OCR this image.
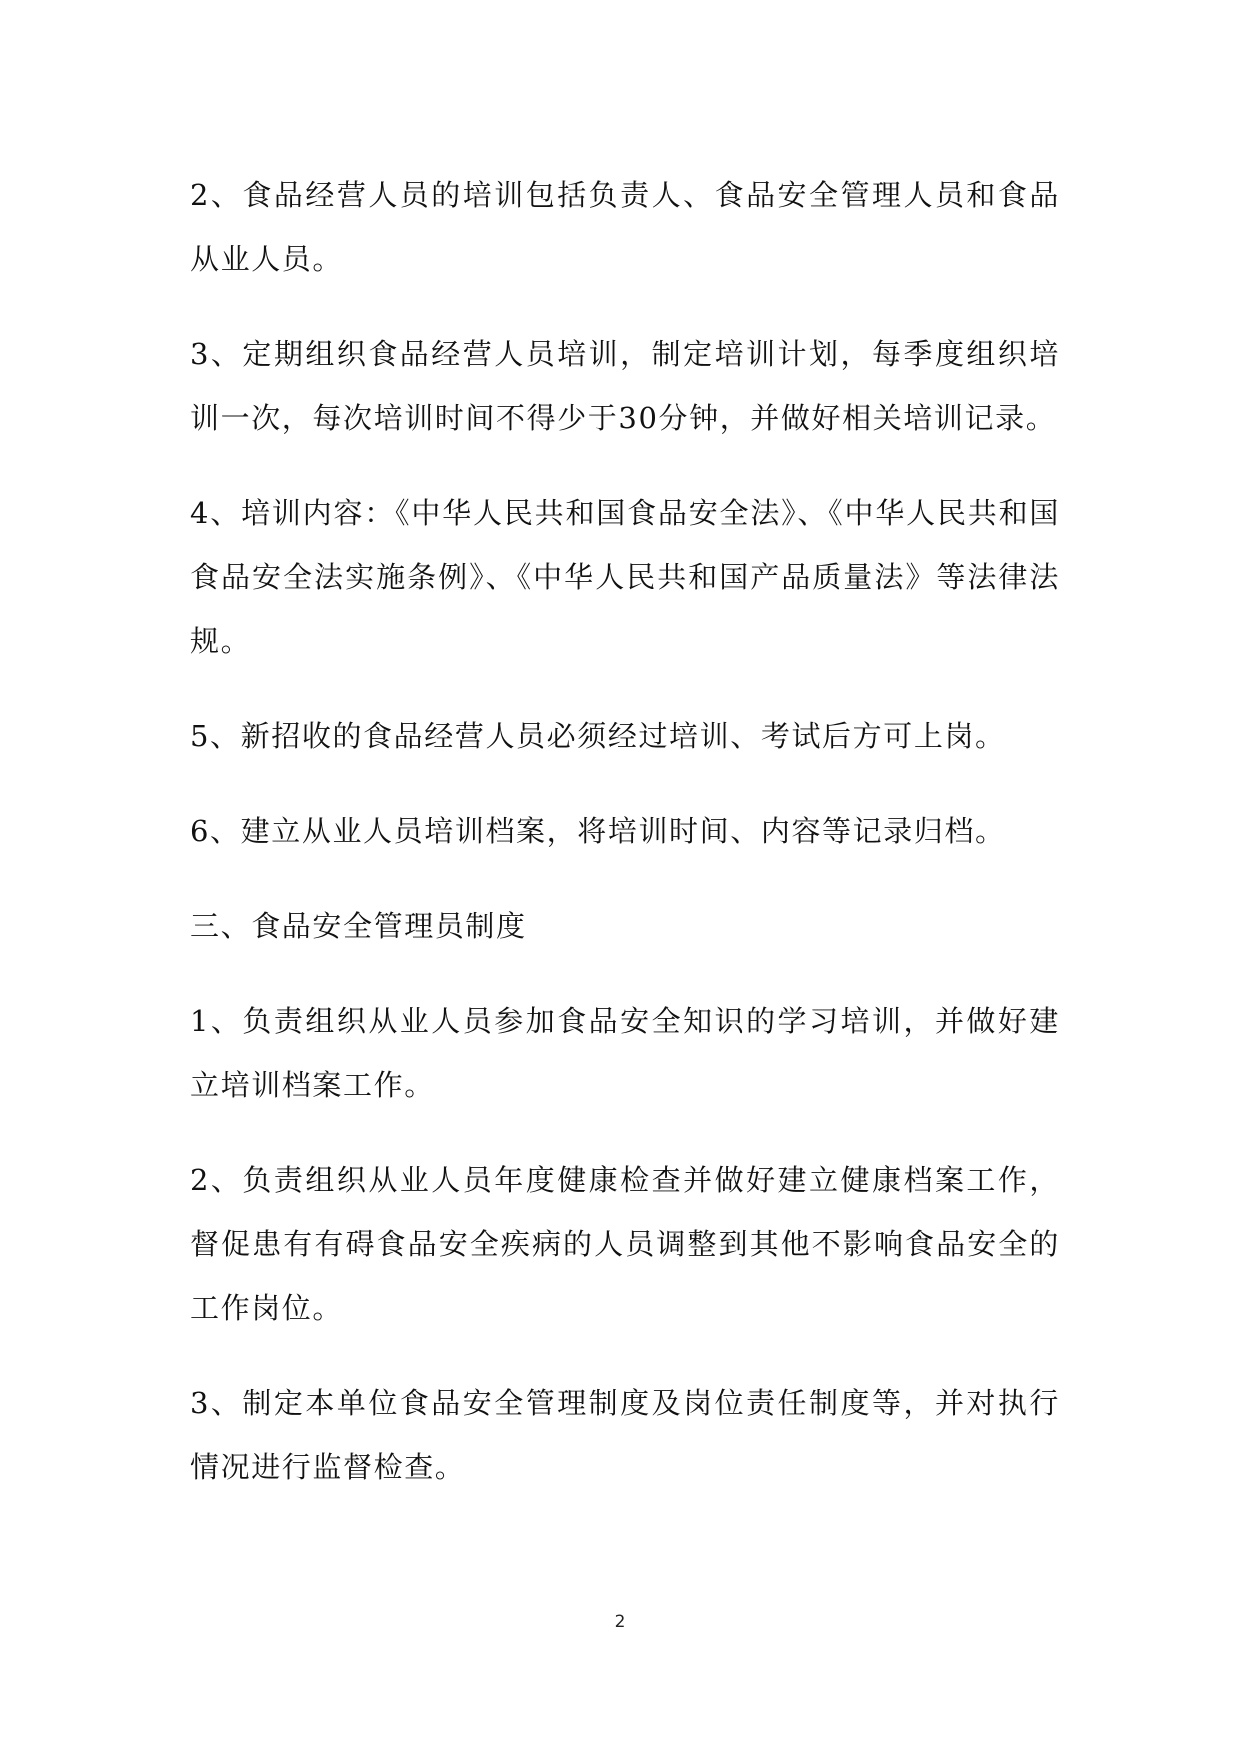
2、食品经营人员的培训包括负责人、食品安全管理人员和食品从业人员。

3、定期组织食品经营人员培训，制定培训计划，每季度组织培训一次，每次培训时间不得少于30分钟，并做好相关培训记录。

4、培训内容：《中华人民共和国食品安全法》、《中华人民共和国食品安全法实施条例》、《中华人民共和国产品质量法》等法律法规。

5、新招收的食品经营人员必须经过培训、考试后方可上岗。

6、建立从业人员培训档案，将培训时间、内容等记录归档。

三、食品安全管理员制度

1、负责组织从业人员参加食品安全知识的学习培训，并做好建立培训档案工作。

2、负责组织从业人员年度健康检查并做好建立健康档案工作，督促患有有碍食品安全疾病的人员调整到其他不影响食品安全的工作岗位。

3、制定本单位食品安全管理制度及岗位责任制度等，并对执行情况进行监督检查。

2
